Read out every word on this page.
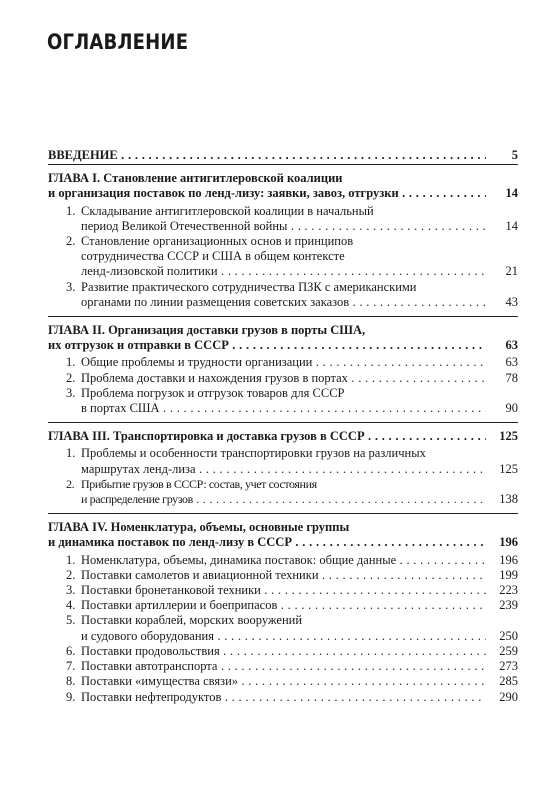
ОГЛАВЛЕНИЕ
ВВЕДЕНИЕ . . .	5
ГЛАВА I. Становление антигитлеровской коалиции
и организация поставок по ленд-лизу: заявки, завоз, отгрузки . . .	14
1. Складывание антигитлеровской коалиции в начальный
период Великой Отечественной войны . . .	14
2. Становление организационных основ и принципов
сотрудничества СССР и США в общем контексте
ленд-лизовской политики . . .	21
3. Развитие практического сотрудничества ПЗК с американскими
органами по линии размещения советских заказов . . .	43
ГЛАВА II. Организация доставки грузов в порты США,
их отгрузок и отправки в СССР . . .	63
1. Общие проблемы и трудности организации . . .	63
2. Проблема доставки и нахождения грузов в портах . . .	78
3. Проблема погрузок и отгрузок товаров для СССР
в портах США . . .	90
ГЛАВА III. Транспортировка и доставка грузов в СССР . . .	125
1. Проблемы и особенности транспортировки грузов на различных
маршрутах ленд-лиза . . .	125
2. Прибытие грузов в СССР: состав, учет состояния
и распределение грузов . . .	138
ГЛАВА IV. Номенклатура, объемы, основные группы
и динамика поставок по ленд-лизу в СССР . . .	196
1. Номенклатура, объемы, динамика поставок: общие данные . . .	196
2. Поставки самолетов и авиационной техники . . .	199
3. Поставки бронетанковой техники . . .	223
4. Поставки артиллерии и боеприпасов . . .	239
5. Поставки кораблей, морских вооружений
и судового оборудования . . .	250
6. Поставки продовольствия . . .	259
7. Поставки автотранспорта . . .	273
8. Поставки «имущества связи» . . .	285
9. Поставки нефтепродуктов . . .	290
